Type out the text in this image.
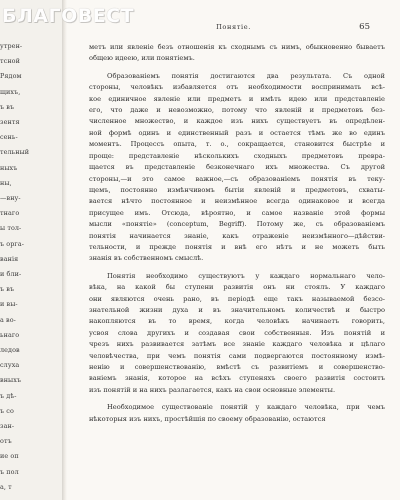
утрен-
тсной
Рядом
щихъ,
ъ въ
зентя
сень-
тельный
ныхъ
ны,
—вну-
тнаго
ы тол-
ъ орга-
ванія
и бли-
ъ въ
и вы-
а во-
ьнаго
ледов
слуха
вныхъ
ъ дѣ-
ъ со
зан-
отъ
ие оп
ъ пол
а, т
Понятіе.	65
метъ или явленіе безъ отношенія къ сходнымъ съ нимъ, обыкновенно бываетъ общею идеею, или понятіемъ.
Образованіемъ понятія достигаются два результата. Съ одной
стороны, человѣкъ избавляется отъ необходимости воспринимать всѣ-
кое единичное явленіе или предметъ и имѣть идею или представленіе
его, что даже и невозможно, потому что явленій и предметовъ без-
численное множество, и каждое изъ нихъ существуетъ въ опредѣлен-
ной формѣ одинъ и единственный разъ и остается тѣмъ же во единъ
моментъ. Процессъ опыта, т. о., сокращается, становится быстрѣе и
проще: представленіе нѣсколькихъ сходныхъ предметовъ превра-
щается въ представленіе безконечнаго ихъ множества. Съ другой
стороны,—и это самое важное,—съ образованіемъ понятія въ теку-
щемъ, постоянно измѣнчивомъ бытіи явленій и предметовъ, схваты-
вается нѣчто постоянное и неизмѣнное всегда одинаковое и всегда
присущее имъ. Отсюда, вѣроятно, и самое названіе этой формы
мысли «понятіе» (conceptum, Begriff). Потому же, съ образованіемъ
понятія начинается знаніе, какъ отраженіе неизмѣнного—дѣйстви-
тельности, и прежде понятія и внѣ его нѣтъ и не можетъ быть
знанія въ собственномъ смыслѣ.
Понятія необходимо существуютъ у каждаго нормальнаго чело-
вѣка, на какой бы ступени развитія онъ ни стоялъ. У каждаго
они являются очень рано, въ періодѣ еще такъ называемой безсо-
знательной жизни духа и въ значительномъ количествѣ и быстро
накопляются въ то время, когда человѣкъ начинаетъ говорить,
усвоя слова другихъ и создавая свои собственныя. Изъ понятій и
чрезъ нихъ развивается затѣмъ все знаніе каждаго человѣка и цѣлаго
человѣчества, при чемъ понятія сами подвергаются постоянному измѣ-
ненію и совершенствованію, вмѣстѣ съ развитіемъ и совершенство-
ваніемъ знанія, которое на всѣхъ ступеняхъ своего развитія состоитъ
изъ понятій и на нихъ разлагается, какъ на свои основные элементы.
Необходимое существованіе понятій у каждаго человѣка, при чемъ
нѣкоторыя изъ нихъ, простѣйшія по своему образованію, остаются
БЛАГОВЕСТ
